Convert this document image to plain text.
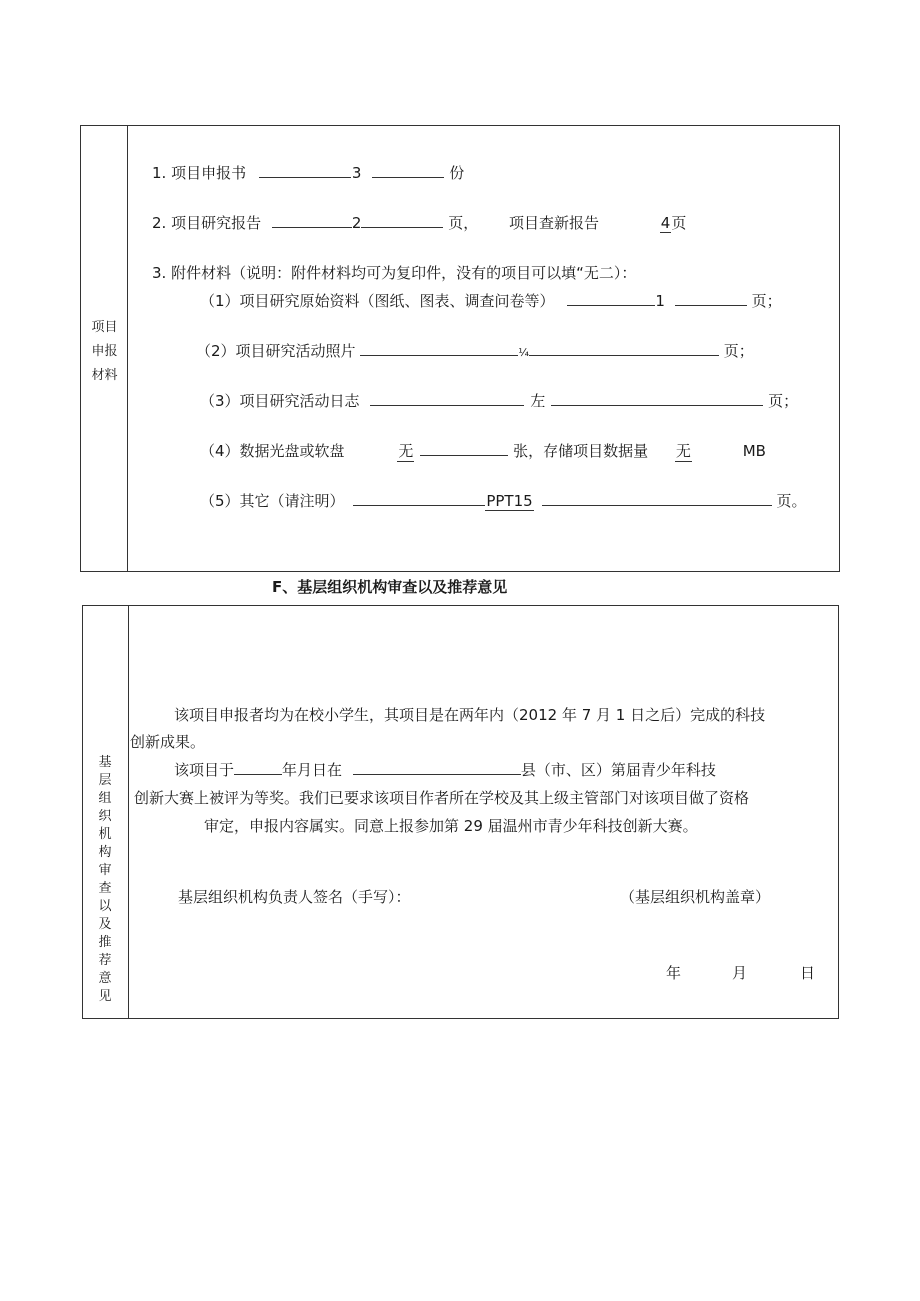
项目
申报
材料
1. 项目申报书	3	份
2. 项目研究报告	2	页， 项目查新报告	4页
3. 附件材料（说明：附件材料均可为复印件，没有的项目可以填“无二）：
（1）项目研究原始资料（图纸、图表、调查问卷等）	1	页；
（2）项目研究活动照片	¼	页；
（3）项目研究活动日志	左	页；
（4）数据光盘或软盘	无	张，存储项目数据量 无	MB
（5）其它（请注明）	PPT15	页。
F、基层组织机构审查以及推荐意见
基层组织机构审查以及推荐意见
该项目申报者均为在校小学生，其项目是在两年内（2012 年 7 月 1 日之后）完成的科技
创新成果。
该项目于	年月日在	县（市、区）第届青少年科技
创新大赛上被评为等奖。我们已要求该项目作者所在学校及其上级主管部门对该项目做了资格
审定，申报内容属实。同意上报参加第 29 届温州市青少年科技创新大赛。
基层组织机构负责人签名（手写）：	（基层组织机构盖章）
年	月	日
